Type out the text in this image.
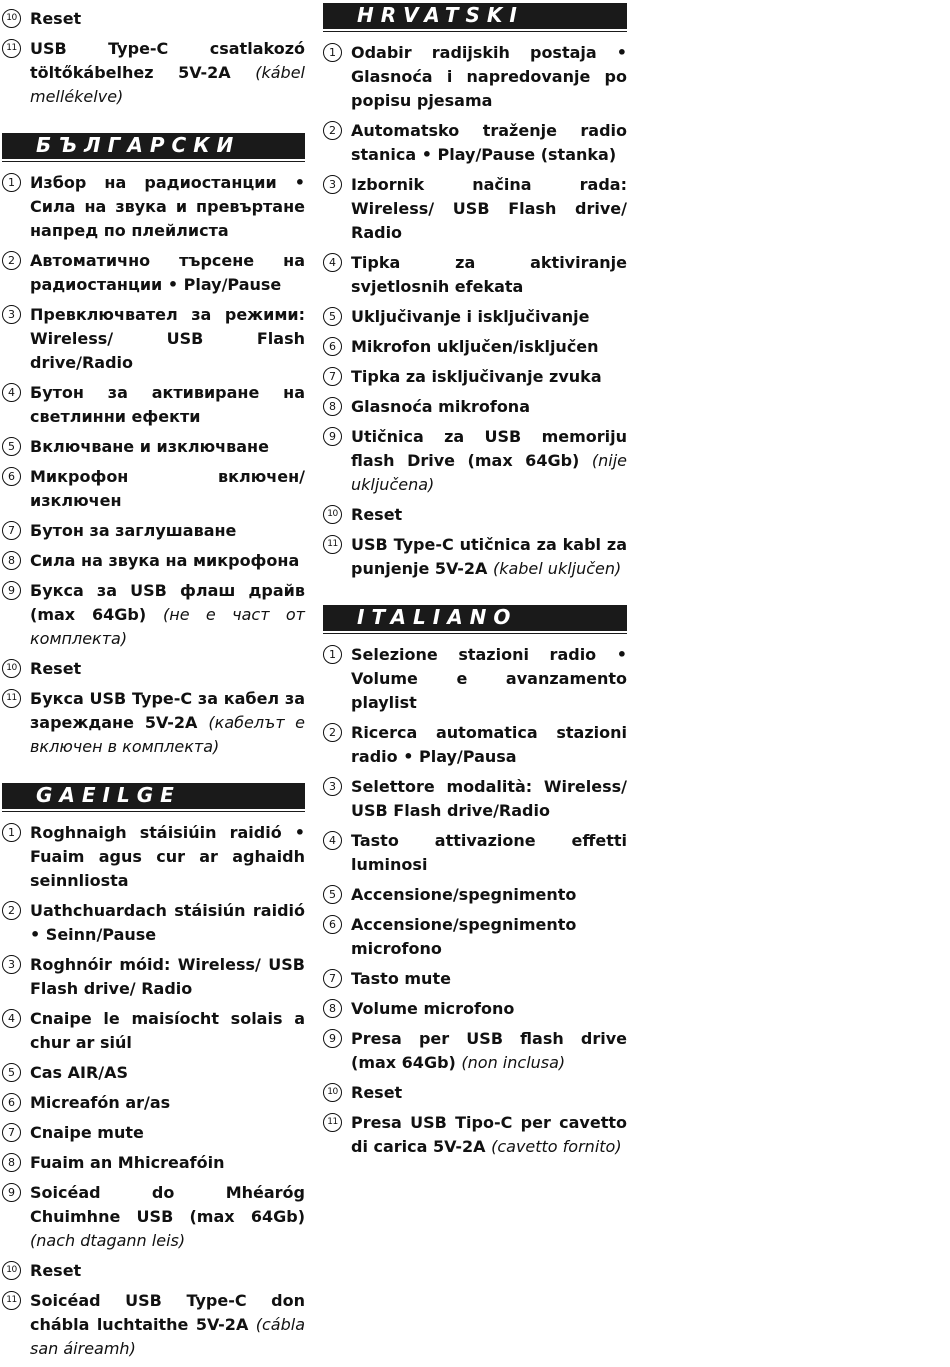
10 Reset
11 USB Type-C csatlakozó töltőkábelhez 5V-2A (kábel mellékelve)
БЪЛГАРСКИ
1 Избор на радиостанции • Сила на звука и превъртане напред по плейлиста
2 Автоматично търсене на радиостанции • Play/Pause
3 Превключвател за режими: Wireless/ USB Flash drive/Radio
4 Бутон за активиране на светлинни ефекти
5 Включване и изключване
6 Микрофон включен/изключен
7 Бутон за заглушаване
8 Сила на звука на микрофона
9 Букса за USB флаш драйв (max 64Gb) (не е част от комплекта)
10 Reset
11 Букса USB Type-C за кабел за зареждане 5V-2A (кабелът е включен в комплекта)
GAEILGE
1 Roghnaigh stáisiúin raidió • Fuaim agus cur ar aghaidh seinnliosta
2 Uathchuardach stáisiún raidió • Seinn/Pause
3 Roghnóir móid: Wireless/ USB Flash drive/ Radio
4 Cnaipe le maisíocht solais a chur ar siúl
5 Cas AIR/AS
6 Micreafón ar/as
7 Cnaipe mute
8 Fuaim an Mhicreafóin
9 Soicéad do Mhéaróg Chuimhne USB (max 64Gb) (nach dtagann leis)
10 Reset
11 Soicéad USB Type-C don chábla luchtaithe 5V-2A (cábla san áireamh)
HRVATSKI
1 Odabir radijskih postaja • Glasnoća i napredovanje po popisu pjesama
2 Automatsko traženje radio stanica • Play/Pause (stanka)
3 Izbornik načina rada: Wireless/ USB Flash drive/ Radio
4 Tipka za aktiviranje svjetlosnih efekata
5 Uključivanje i isključivanje
6 Mikrofon uključen/isključen
7 Tipka za isključivanje zvuka
8 Glasnoća mikrofona
9 Utičnica za USB memoriju flash Drive (max 64Gb) (nije uključena)
10 Reset
11 USB Type-C utičnica za kabl za punjenje 5V-2A (kabel uključen)
ITALIANO
1 Selezione stazioni radio • Volume e avanzamento playlist
2 Ricerca automatica stazioni radio • Play/Pausa
3 Selettore modalità: Wireless/ USB Flash drive/Radio
4 Tasto attivazione effetti luminosi
5 Accensione/spegnimento
6 Accensione/spegnimento microfono
7 Tasto mute
8 Volume microfono
9 Presa per USB flash drive (max 64Gb) (non inclusa)
10 Reset
11 Presa USB Tipo-C per cavetto di carica 5V-2A (cavetto fornito)
